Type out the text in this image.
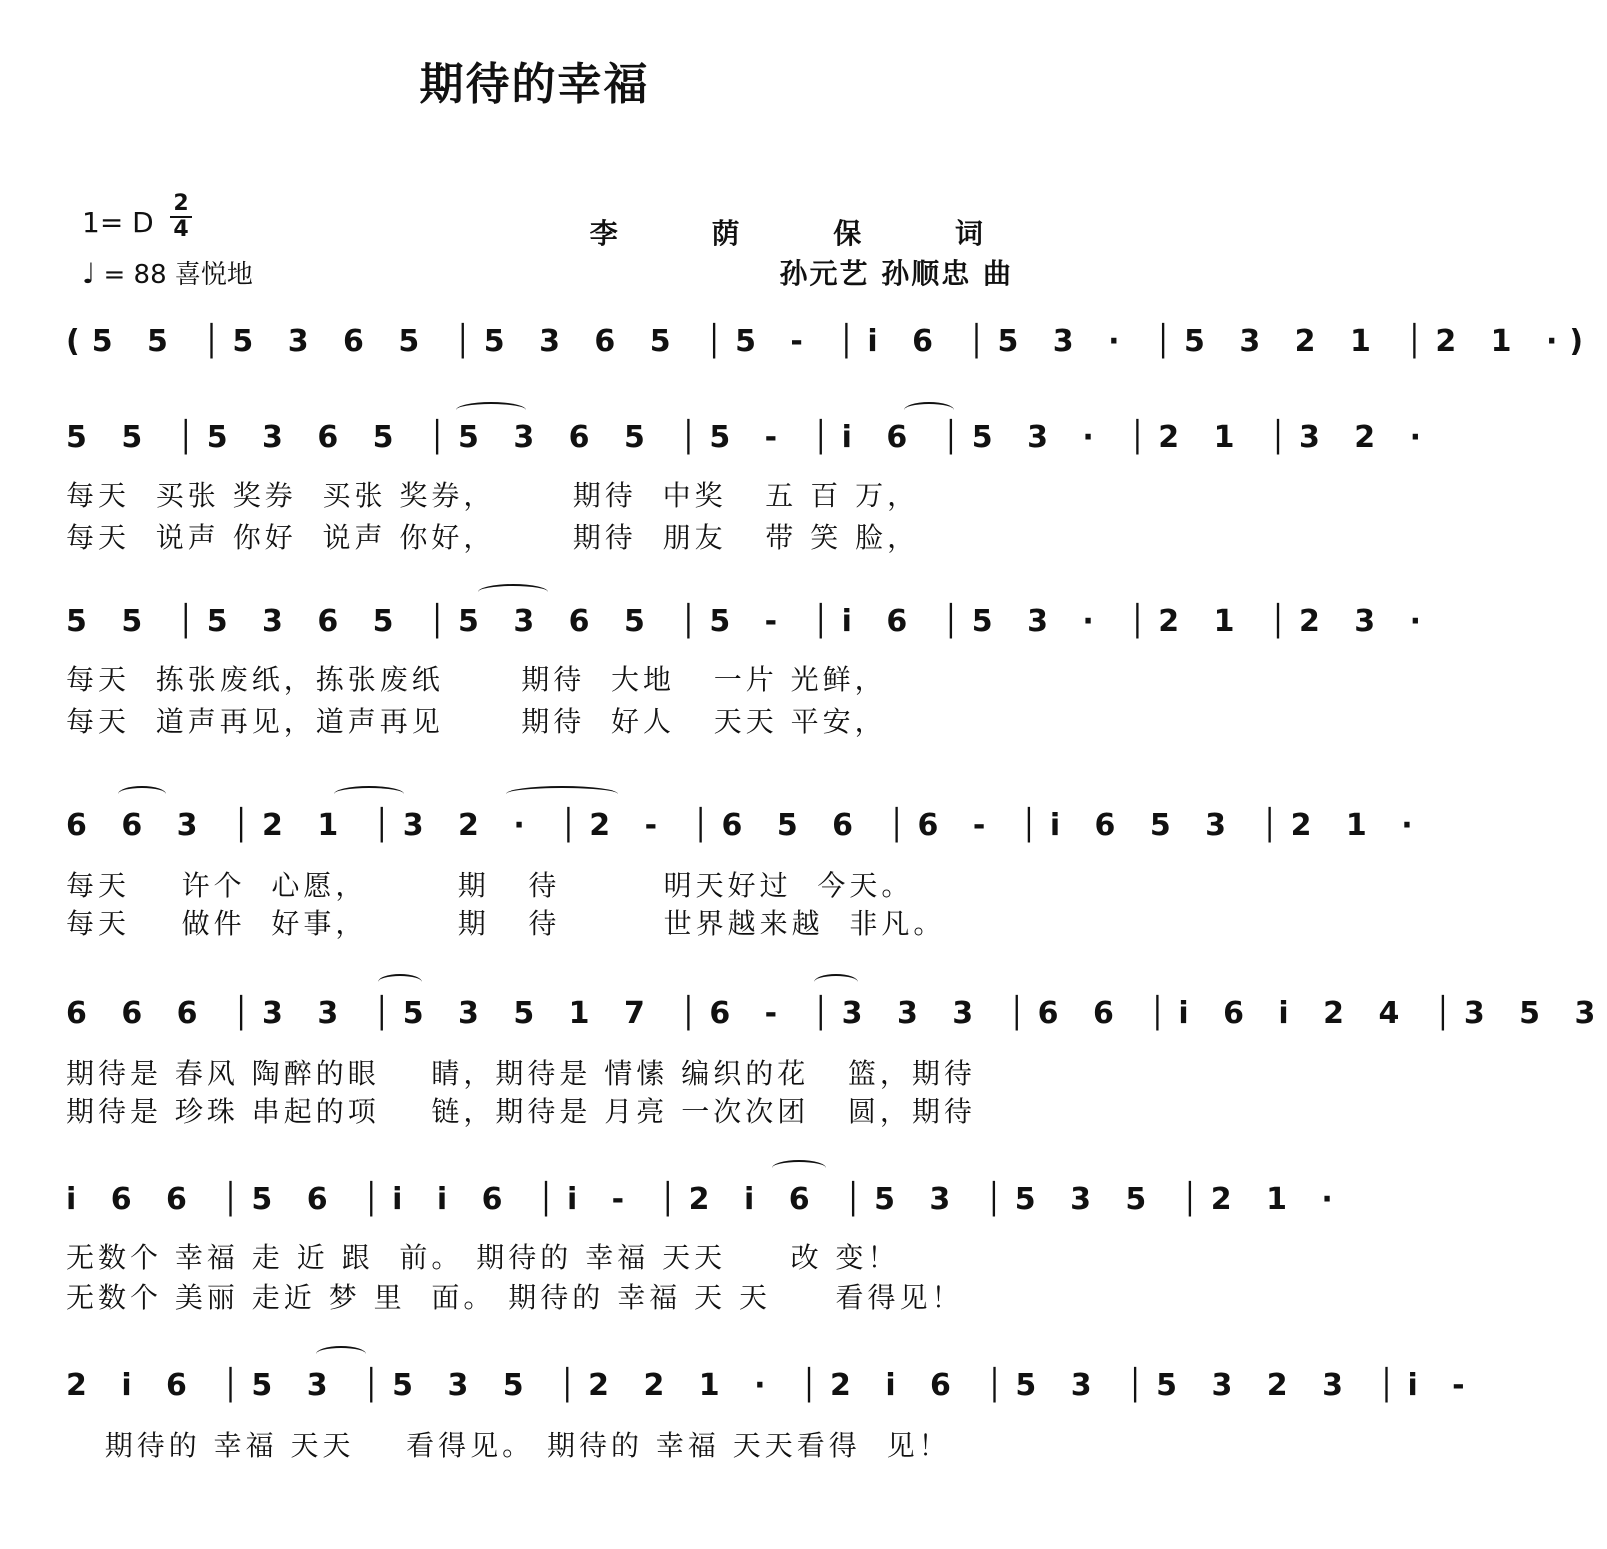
期待的幸福
1= D
2
4
♩ = 88 喜悦地
李 荫 保 词
孙元艺 孙顺忠 曲
(5 5 │5 3 6 5 │5 3 6 5 │5 - │i 6 │5 3 · │5 3 2 1 │2 1 ·)
5 5 │5 3 6 5 │5 3 6 5 │5 - │i 6 │5 3 · │2 1 │3 2 ·
每天  买张 奖券  买张 奖券，      期待  中奖   五 百 万，
每天  说声 你好  说声 你好，      期待  朋友   带 笑 脸，
5 5 │5 3 6 5 │5 3 6 5 │5 - │i 6 │5 3 · │2 1 │2 3 ·
每天  拣张废纸，拣张废纸      期待  大地   一片 光鲜，
每天  道声再见，道声再见      期待  好人   天天 平安，
6 6 3 │2 1 │3 2 · │2 - │6 5 6 │6 - │i 6 5 3 │2 1 ·
每天    许个  心愿，       期   待        明天好过  今天。
每天    做件  好事，       期   待        世界越来越  非凡。
6 6 6 │3 3 │5 3 5 1 7 │6 - │3 3 3 │6 6 │i 6 i 2 4 │3 5 3
期待是 春风 陶醉的眼    睛，期待是 情愫 编织的花   篮，期待
期待是 珍珠 串起的项    链，期待是 月亮 一次次团   圆，期待
i 6 6 │5 6 │i i 6 │i - │2 i 6 │5 3 │5 3 5 │2 1 ·
无数个 幸福 走 近 跟  前。 期待的 幸福 天天     改 变！
无数个 美丽 走近 梦 里  面。 期待的 幸福 天 天     看得见！
2 i 6 │5 3 │5 3 5 │2 2 1 · │2 i 6 │5 3 │5 3 2 3 │i -
期待的 幸福 天天    看得见。 期待的 幸福 天天看得  见！
